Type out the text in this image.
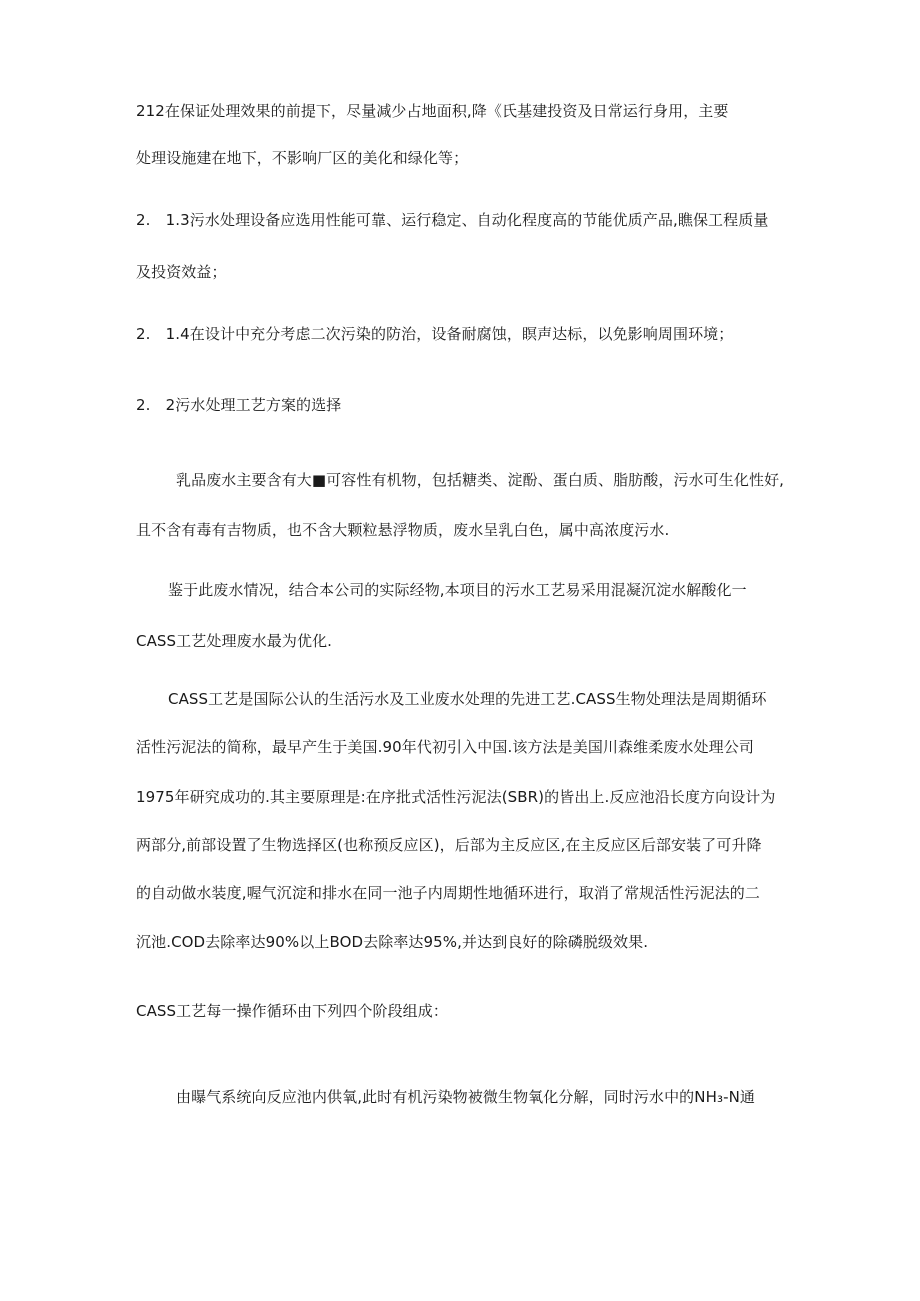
212在保证处理效果的前提下，尽量减少占地面积,降《氏基建投资及日常运行身用，主要
处理设施建在地下，不影响厂区的美化和绿化等；
2.　1.3污水处理设备应选用性能可靠、运行稳定、自动化程度高的节能优质产品,瞧保工程质量
及投资效益；
2.　1.4在设计中充分考虑二次污染的防治，设备耐腐蚀，瞑声达标，以免影响周围环境；
2.　2污水处理工艺方案的选择
乳品废水主要含有大■可容性有机物，包括糖类、淀酚、蛋白质、脂肪酸，污水可生化性好,
且不含有毒有吉物质，也不含大颗粒悬浮物质，废水呈乳白色，属中高浓度污水.
鉴于此废水情况，结合本公司的实际经物,本项目的污水工艺易采用混凝沉淀水解酸化一
CASS工艺处理废水最为优化.
CASS工艺是国际公认的生活污水及工业废水处理的先进工艺.CASS生物处理法是周期循环
活性污泥法的简称，最早产生于美国.90年代初引入中国.该方法是美国川森维柔废水处理公司
1975年研究成功的.其主要原理是:在序批式活性污泥法(SBR)的皆出上.反应池沿长度方向设计为
两部分,前部设置了生物选择区(也称预反应区)，后部为主反应区,在主反应区后部安装了可升降
的自动做水装度,喔气沉淀和排水在同一池子内周期性地循环进行，取消了常规活性污泥法的二
沉池.COD去除率达90%以上BOD去除率达95%,并达到良好的除磷脱级效果.
CASS工艺每一操作循环由下列四个阶段组成：
由曝气系统向反应池内供氧,此时有机污染物被微生物氧化分解，同时污水中的NH₃-N通
